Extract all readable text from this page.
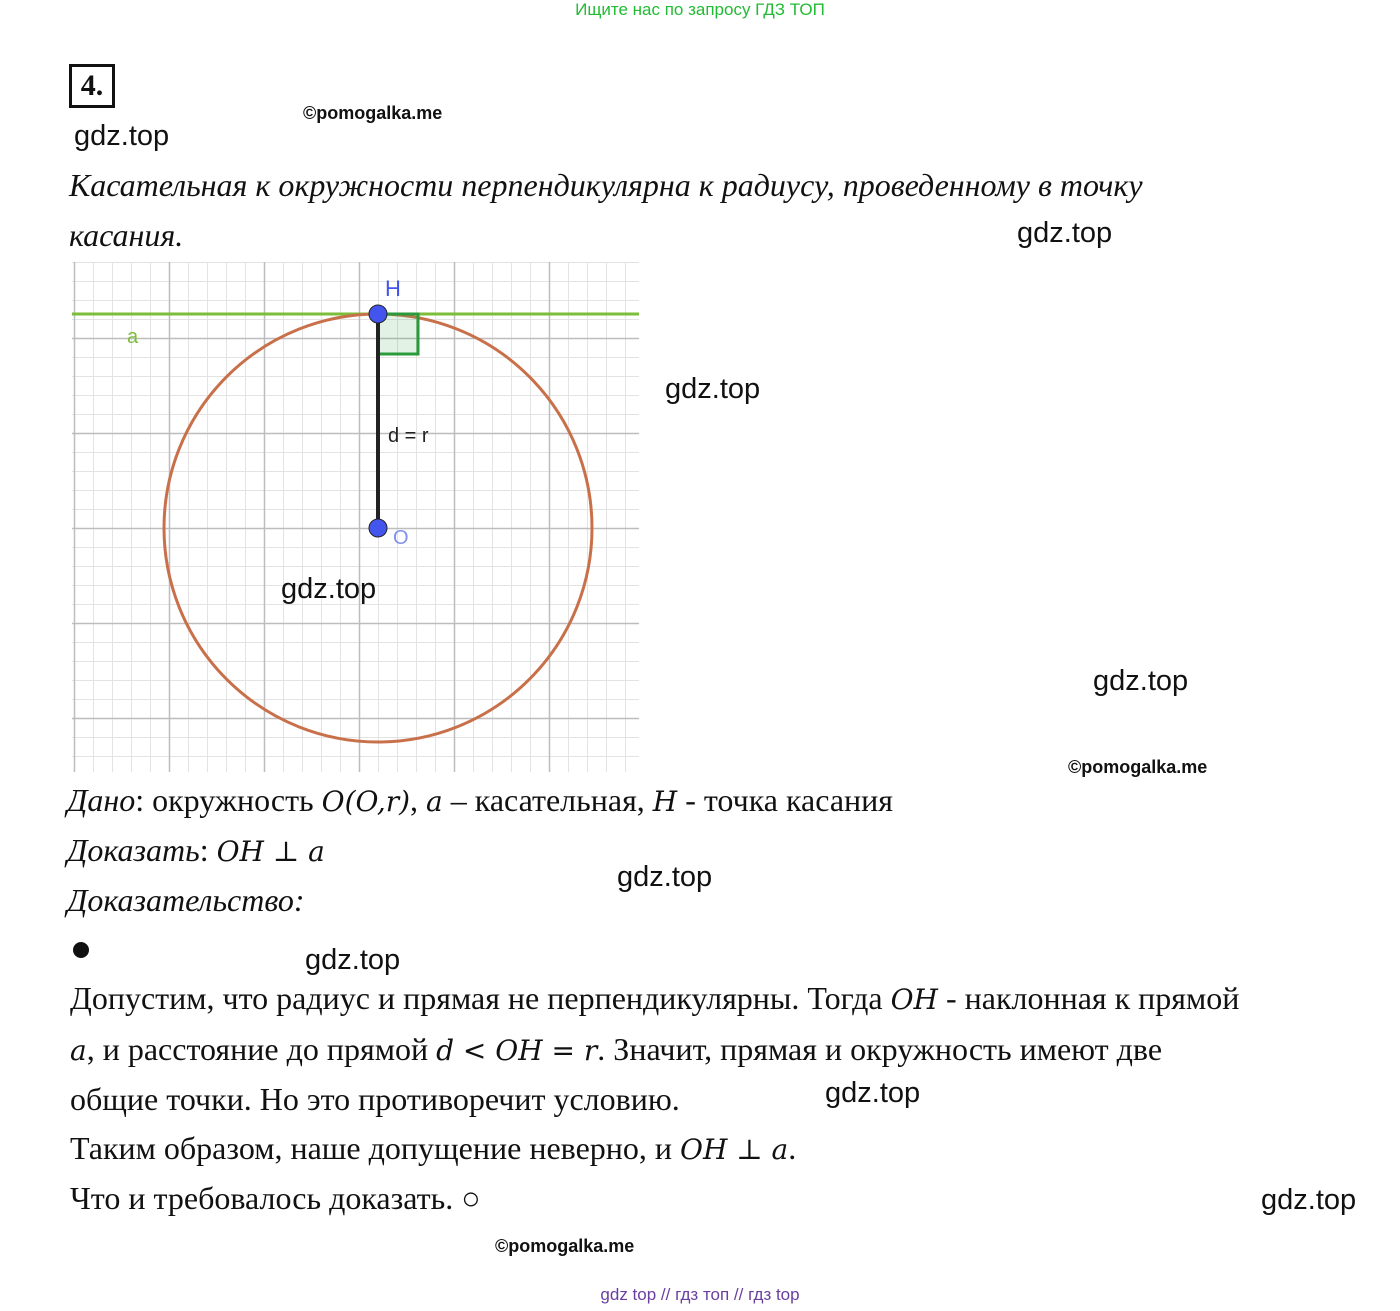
Ищите нас по запросу ГДЗ ТОП
4.
©pomogalka.me
gdz.top
Касательная к окружности перпендикулярна к радиусу, проведенному в точку
касания.	gdz.top
H
a
O
d = r
gdz.top
gdz.top
gdz.top
©pomogalka.me
Дано: окружность O(O,r), a – касательная, H - точка касания
Доказать: OH ⊥ a
Доказательство:
gdz.top
gdz.top
Допустим, что радиус и прямая не перпендикулярны. Тогда OH - наклонная к прямой
a, и расстояние до прямой d < OH = r. Значит, прямая и окружность имеют две
общие точки. Но это противоречит условию.	gdz.top
Таким образом, наше допущение неверно, и OH ⊥ a.
Что и требовалось доказать. ○	gdz.top
©pomogalka.me
gdz top // гдз топ // гдз top
